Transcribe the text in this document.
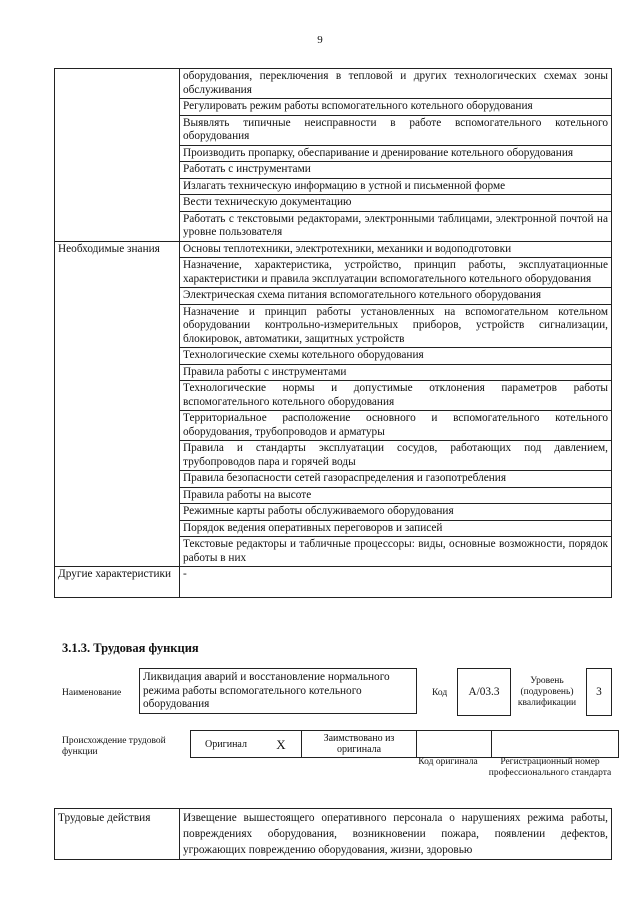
9
	оборудования, переключения в тепловой и других технологических схемах зоны обслуживания
	Регулировать режим работы вспомогательного котельного оборудования
	Выявлять типичные неисправности в работе вспомогательного котельного оборудования
	Производить пропарку, обеспаривание и дренирование котельного оборудования
	Работать с инструментами
	Излагать техническую информацию в устной и письменной форме
	Вести техническую документацию
	Работать с текстовыми редакторами, электронными таблицами, электронной почтой на уровне пользователя
Необходимые знания	Основы теплотехники, электротехники, механики и водоподготовки
	Назначение, характеристика, устройство, принцип работы, эксплуатационные характеристики и правила эксплуатации вспомогательного котельного оборудования
	Электрическая схема питания вспомогательного котельного оборудования
	Назначение и принцип работы установленных на вспомогательном котельном оборудовании контрольно-измерительных приборов, устройств сигнализации, блокировок, автоматики, защитных устройств
	Технологические схемы котельного оборудования
	Правила работы с инструментами
	Технологические нормы и допустимые отклонения параметров работы вспомогательного котельного оборудования
	Территориальное расположение основного и вспомогательного котельного оборудования, трубопроводов и арматуры
	Правила и стандарты эксплуатации сосудов, работающих под давлением, трубопроводов пара и горячей воды
	Правила безопасности сетей газораспределения и газопотребления
	Правила работы на высоте
	Режимные карты работы обслуживаемого оборудования
	Порядок ведения оперативных переговоров и записей
	Текстовые редакторы и табличные процессоры: виды, основные возможности, порядок работы в них
Другие характеристики	-
3.1.3. Трудовая функция
Наименование
Ликвидация аварий и восстановление нормального режима работы вспомогательного котельного оборудования
Код	A/03.3
Уровень (подуровень) квалификации
3
Происхождение трудовой функции
Оригинал	X	Заимствовано из оригинала		
Код оригинала	Регистрационный номер профессионального стандарта
Трудовые действия	Извещение вышестоящего оперативного персонала о нарушениях режима работы, повреждениях оборудования, возникновении пожара, появлении дефектов, угрожающих повреждению оборудования, жизни, здоровью
